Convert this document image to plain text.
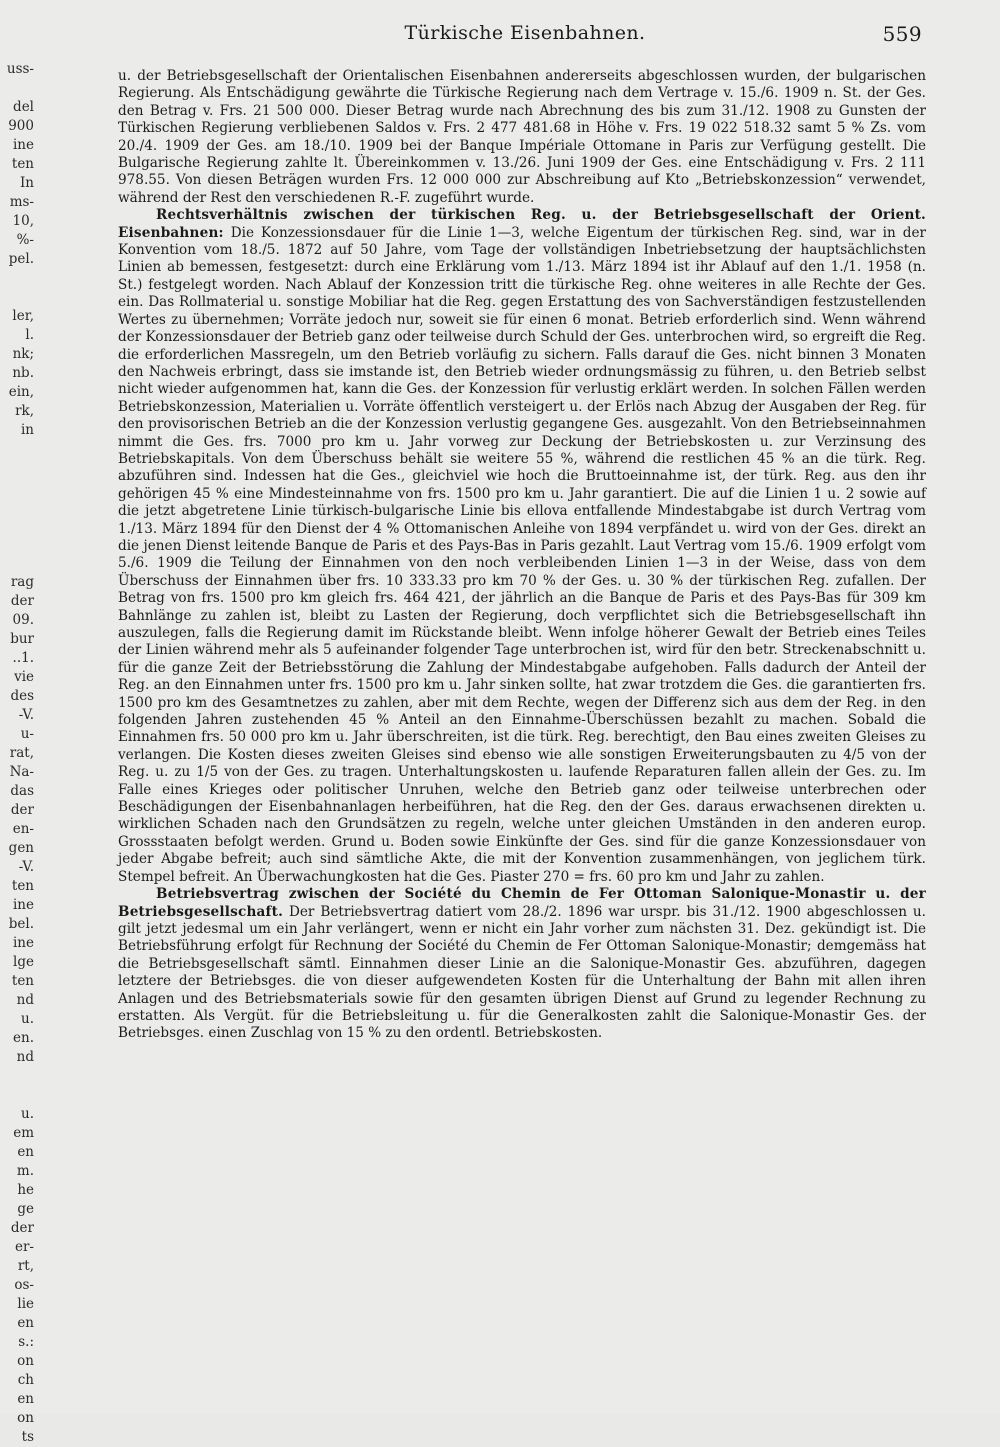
Türkische Eisenbahnen.	559
uss-
del
900
ine
ten
In
ms-
10,
%-
pel.
ler,
l.
nk;
nb.
ein,
rk,
in
rag
der
09.
bur
..1.
vie
des
-V.
u-
rat,
Na-
das
der
en-
gen
-V.
ten
ine
bel.
ine
lge
ten
nd
u.
en.
nd
u.
em
en
m.
he
ge
der
er-
rt,
os-
lie
en
s.:
on
ch
en
on
ts

u. der Betriebsgesellschaft der Orientalischen Eisenbahnen andererseits abgeschlossen wurden, der bulgarischen Regierung. Als Entschädigung gewährte die Türkische Regierung nach dem Vertrage v. 15./6. 1909 n. St. der Ges. den Betrag v. Frs. 21 500 000. Dieser Betrag wurde nach Abrechnung des bis zum 31./12. 1908 zu Gunsten der Türkischen Regierung verbliebenen Saldos v. Frs. 2 477 481.68 in Höhe v. Frs. 19 022 518.32 samt 5 % Zs. vom 20./4. 1909 der Ges. am 18./10. 1909 bei der Banque Impériale Ottomane in Paris zur Verfügung gestellt. Die Bulgarische Regierung zahlte lt. Übereinkommen v. 13./26. Juni 1909 der Ges. eine Entschädigung v. Frs. 2 111 978.55. Von diesen Beträgen wurden Frs. 12 000 000 zur Abschreibung auf Kto „Betriebskonzession“ verwendet, während der Rest den verschiedenen R.-F. zugeführt wurde.

Rechtsverhältnis zwischen der türkischen Reg. u. der Betriebsgesellschaft der Orient. Eisenbahnen: Die Konzessionsdauer für die Linie 1—3, welche Eigentum der türkischen Reg. sind, war in der Konvention vom 18./5. 1872 auf 50 Jahre, vom Tage der vollständigen Inbetriebsetzung der hauptsächlichsten Linien ab bemessen, festgesetzt: durch eine Erklärung vom 1./13. März 1894 ist ihr Ablauf auf den 1./1. 1958 (n. St.) festgelegt worden. Nach Ablauf der Konzession tritt die türkische Reg. ohne weiteres in alle Rechte der Ges. ein. Das Rollmaterial u. sonstige Mobiliar hat die Reg. gegen Erstattung des von Sachverständigen festzustellenden Wertes zu übernehmen; Vorräte jedoch nur, soweit sie für einen 6 monat. Betrieb erforderlich sind. Wenn während der Konzessionsdauer der Betrieb ganz oder teilweise durch Schuld der Ges. unterbrochen wird, so ergreift die Reg. die erforderlichen Massregeln, um den Betrieb vorläufig zu sichern. Falls darauf die Ges. nicht binnen 3 Monaten den Nachweis erbringt, dass sie imstande ist, den Betrieb wieder ordnungsmässig zu führen, u. den Betrieb selbst nicht wieder aufgenommen hat, kann die Ges. der Konzession für verlustig erklärt werden. In solchen Fällen werden Betriebskonzession, Materialien u. Vorräte öffentlich versteigert u. der Erlös nach Abzug der Ausgaben der Reg. für den provisorischen Betrieb an die der Konzession verlustig gegangene Ges. ausgezahlt. Von den Betriebseinnahmen nimmt die Ges. frs. 7000 pro km u. Jahr vorweg zur Deckung der Betriebskosten u. zur Verzinsung des Betriebskapitals. Von dem Überschuss behält sie weitere 55 %, während die restlichen 45 % an die türk. Reg. abzuführen sind. Indessen hat die Ges., gleichviel wie hoch die Bruttoeinnahme ist, der türk. Reg. aus den ihr gehörigen 45 % eine Mindesteinnahme von frs. 1500 pro km u. Jahr garantiert. Die auf die Linien 1 u. 2 sowie auf die jetzt abgetretene Linie türkisch-bulgarische Linie bis ellova entfallende Mindestabgabe ist durch Vertrag vom 1./13. März 1894 für den Dienst der 4 % Ottomanischen Anleihe von 1894 verpfändet u. wird von der Ges. direkt an die jenen Dienst leitende Banque de Paris et des Pays-Bas in Paris gezahlt. Laut Vertrag vom 15./6. 1909 erfolgt vom 5./6. 1909 die Teilung der Einnahmen von den noch verbleibenden Linien 1—3 in der Weise, dass von dem Überschuss der Einnahmen über frs. 10 333.33 pro km 70 % der Ges. u. 30 % der türkischen Reg. zufallen. Der Betrag von frs. 1500 pro km gleich frs. 464 421, der jährlich an die Banque de Paris et des Pays-Bas für 309 km Bahnlänge zu zahlen ist, bleibt zu Lasten der Regierung, doch verpflichtet sich die Betriebsgesellschaft ihn auszulegen, falls die Regierung damit im Rückstande bleibt. Wenn infolge höherer Gewalt der Betrieb eines Teiles der Linien während mehr als 5 aufeinander folgender Tage unterbrochen ist, wird für den betr. Streckenabschnitt u. für die ganze Zeit der Betriebsstörung die Zahlung der Mindestabgabe aufgehoben. Falls dadurch der Anteil der Reg. an den Einnahmen unter frs. 1500 pro km u. Jahr sinken sollte, hat zwar trotzdem die Ges. die garantierten frs. 1500 pro km des Gesamtnetzes zu zahlen, aber mit dem Rechte, wegen der Differenz sich aus dem der Reg. in den folgenden Jahren zustehenden 45 % Anteil an den Einnahme-Überschüssen bezahlt zu machen. Sobald die Einnahmen frs. 50 000 pro km u. Jahr überschreiten, ist die türk. Reg. berechtigt, den Bau eines zweiten Gleises zu verlangen. Die Kosten dieses zweiten Gleises sind ebenso wie alle sonstigen Erweiterungsbauten zu 4/5 von der Reg. u. zu 1/5 von der Ges. zu tragen. Unterhaltungskosten u. laufende Reparaturen fallen allein der Ges. zu. Im Falle eines Krieges oder politischer Unruhen, welche den Betrieb ganz oder teilweise unterbrechen oder Beschädigungen der Eisenbahnanlagen herbeiführen, hat die Reg. den der Ges. daraus erwachsenen direkten u. wirklichen Schaden nach den Grundsätzen zu regeln, welche unter gleichen Umständen in den anderen europ. Grossstaaten befolgt werden. Grund u. Boden sowie Einkünfte der Ges. sind für die ganze Konzessionsdauer von jeder Abgabe befreit; auch sind sämtliche Akte, die mit der Konvention zusammenhängen, von jeglichem türk. Stempel befreit. An Überwachungkosten hat die Ges. Piaster 270 = frs. 60 pro km und Jahr zu zahlen.

Betriebsvertrag zwischen der Société du Chemin de Fer Ottoman Salonique-Monastir u. der Betriebsgesellschaft. Der Betriebsvertrag datiert vom 28./2. 1896 war urspr. bis 31./12. 1900 abgeschlossen u. gilt jetzt jedesmal um ein Jahr verlängert, wenn er nicht ein Jahr vorher zum nächsten 31. Dez. gekündigt ist. Die Betriebsführung erfolgt für Rechnung der Société du Chemin de Fer Ottoman Salonique-Monastir; demgemäss hat die Betriebsgesellschaft sämtl. Einnahmen dieser Linie an die Salonique-Monastir Ges. abzuführen, dagegen letztere der Betriebsges. die von dieser aufgewendeten Kosten für die Unterhaltung der Bahn mit allen ihren Anlagen und des Betriebsmaterials sowie für den gesamten übrigen Dienst auf Grund zu legender Rechnung zu erstatten. Als Vergüt. für die Betriebsleitung u. für die Generalkosten zahlt die Salonique-Monastir Ges. der Betriebsges. einen Zuschlag von 15 % zu den ordentl. Betriebskosten.
